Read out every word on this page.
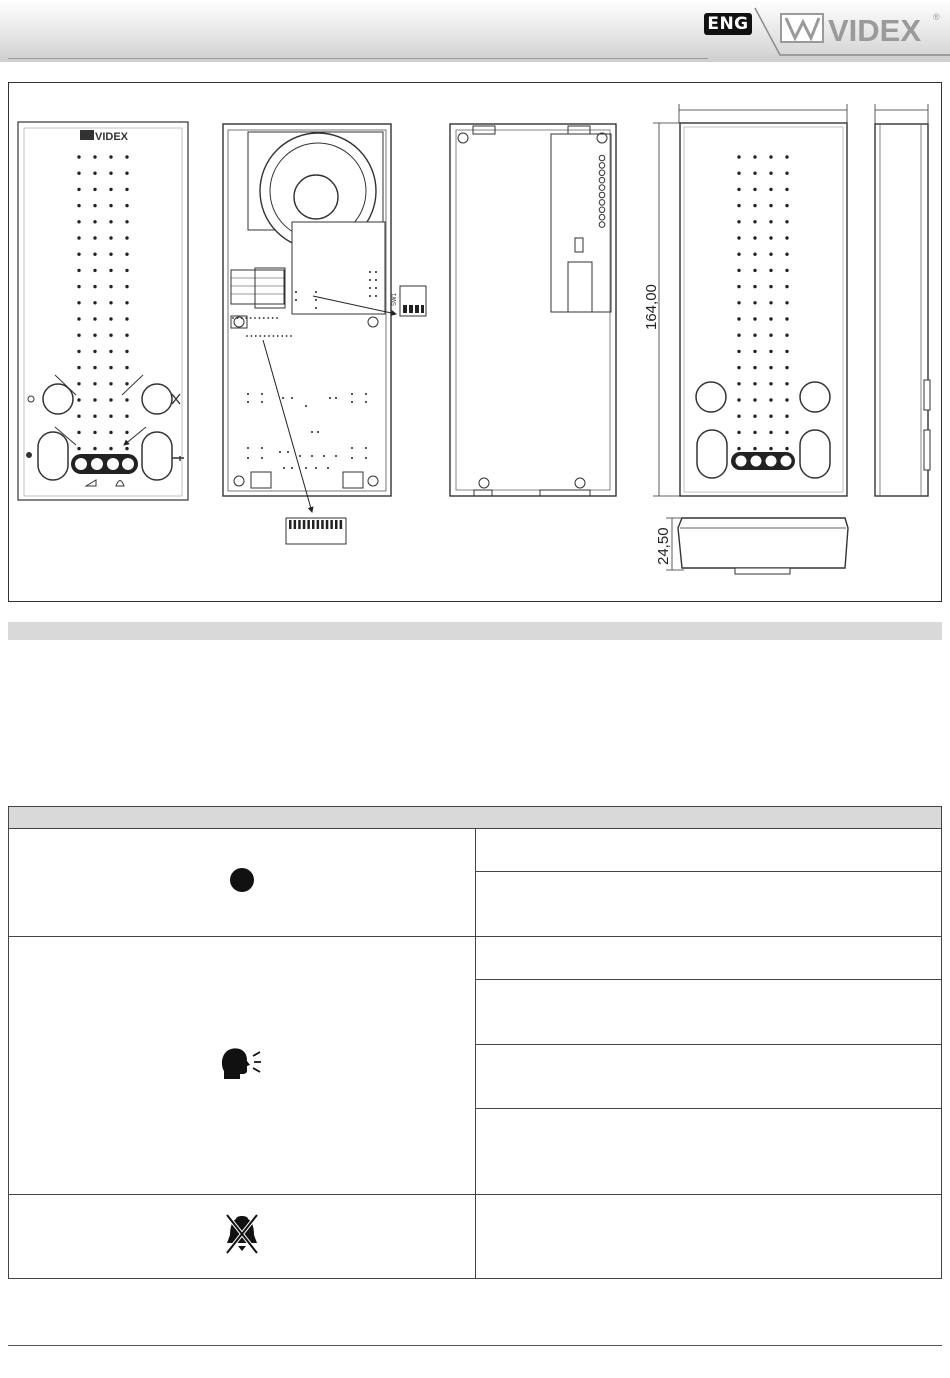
ENG	VIDEX ®
VIDEX
SW1	164,00
24,50
